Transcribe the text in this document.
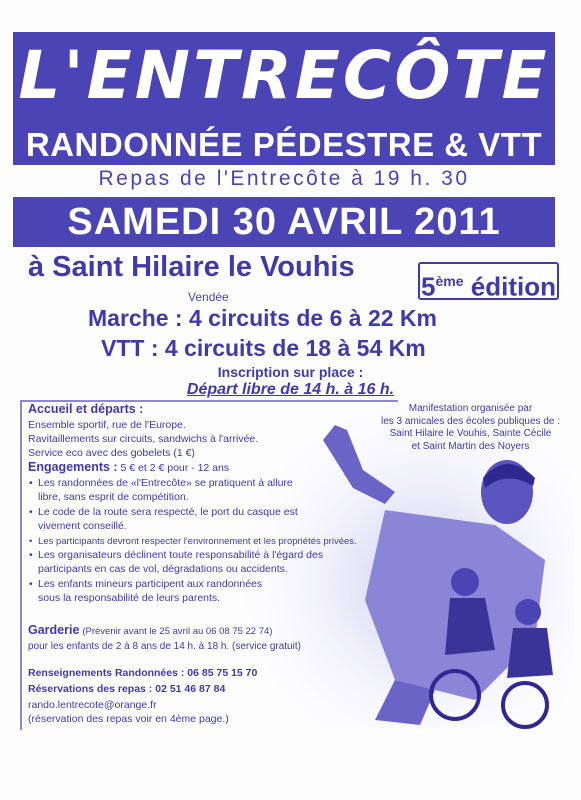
L'ENTRECÔTE
RANDONNÉE PÉDESTRE & VTT
Repas de l'Entrecôte à 19 h. 30
SAMEDI 30 AVRIL 2011
à Saint Hilaire le Vouhis
5ème édition
Vendée
Marche : 4 circuits de 6 à 22 Km
VTT : 4 circuits de 18 à 54 Km
Inscription sur place :
Départ libre de 14 h. à 16 h.
Manifestation organisée par
les 3 amicales des écoles publiques de :
Saint Hilaire le Vouhis, Sainte Cécile
et Saint Martin des Noyers
Accueil et départs :
Ensemble sportif, rue de l'Europe.
Ravitaillements sur circuits, sandwichs à l'arrivée.
Service eco avec des gobelets (1 €)
Engagements : 5 € et 2 € pour - 12 ans
• Les randonnées de «l'Entrecôte» se pratiquent à allure
libre, sans esprit de compétition.
• Le code de la route sera respecté, le port du casque est
vivement conseillé.
• Les participants devront respecter l'environnement et les propriétés privées.
• Les organisateurs déclinent toute responsabilité à l'égard des
participants en cas de vol, dégradations ou accidents.
• Les enfants mineurs participent aux randonnées
sous la responsabilité de leurs parents.
Garderie (Prévenir avant le 25 avril au 06 08 75 22 74)
pour les enfants de 2 à 8 ans de 14 h. à 18 h. (service gratuit)
Renseignements Randonnées : 06 85 75 15 70
Réservations des repas : 02 51 46 87 84
rando.lentrecote@orange.fr
(réservation des repas voir en 4ème page.)
